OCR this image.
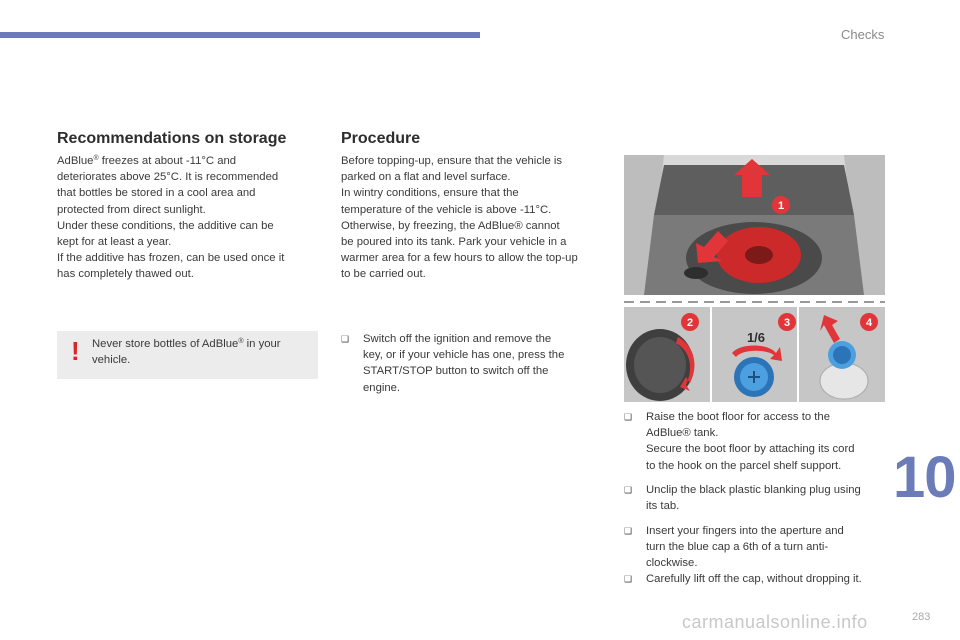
Checks
Recommendations on storage
AdBlue® freezes at about -11°C and
deteriorates above 25°C. It is recommended
that bottles be stored in a cool area and
protected from direct sunlight.
Under these conditions, the additive can be
kept for at least a year.
If the additive has frozen, can be used once it
has completely thawed out.
! Never store bottles of AdBlue® in your
vehicle.
Procedure
Before topping-up, ensure that the vehicle is
parked on a flat and level surface.
In wintry conditions, ensure that the
temperature of the vehicle is above -11°C.
Otherwise, by freezing, the AdBlue® cannot
be poured into its tank. Park your vehicle in a
warmer area for a few hours to allow the top-up
to be carried out.
❑ Switch off the ignition and remove the
key, or if your vehicle has one, press the
START/STOP button to switch off the
engine.
1
2
1/6
3	4
❑ Raise the boot floor for access to the
AdBlue® tank.
Secure the boot floor by attaching its cord
to the hook on the parcel shelf support.
❑ Unclip the black plastic blanking plug using
its tab.
❑ Insert your fingers into the aperture and
turn the blue cap a 6th of a turn anti-
clockwise.
❑ Carefully lift off the cap, without dropping it.
10
283
carmanualsonline.info
